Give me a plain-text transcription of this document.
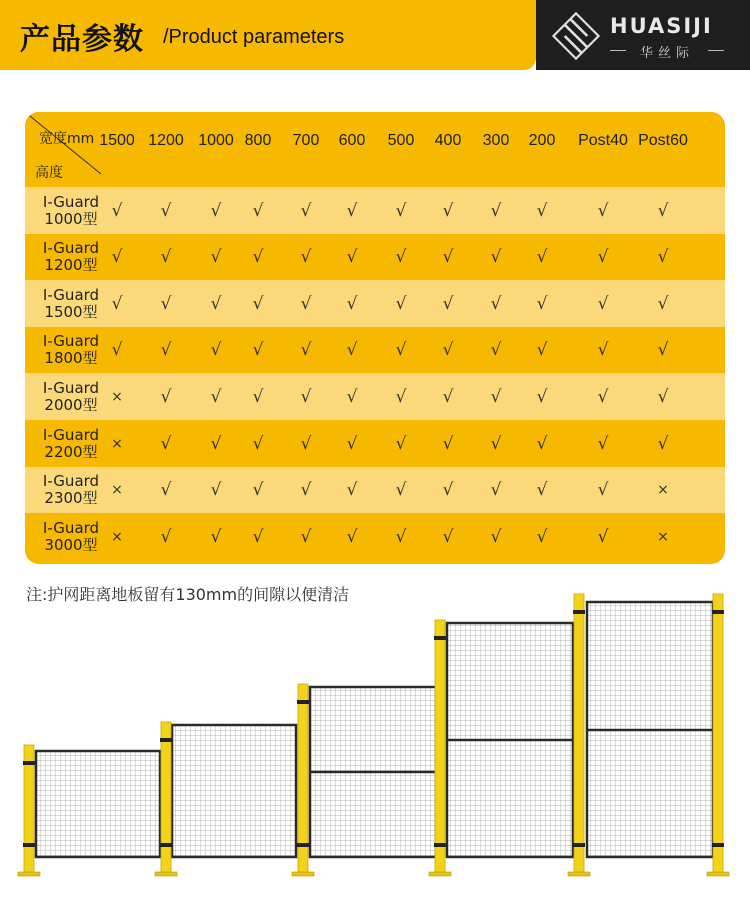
产品参数 /Product parameters	HUASIJI
华丝际
宽度mm
高度
1500 1200 1000 800	700	600 500 400 300 200	Post40 Post60
I-Guard
1000型 √	√	√	√	√	√	√	√	√	√	√	√
I-Guard
1200型 √	√	√	√	√	√	√	√	√	√	√	√
I-Guard
1500型 √	√	√	√	√	√	√	√	√	√	√	√
I-Guard
1800型 √	√	√	√	√	√	√	√	√	√	√	√
I-Guard
2000型 ×	√	√	√	√	√	√	√	√	√	√	√
I-Guard
2200型 ×	√	√	√	√	√	√	√	√	√	√	√
I-Guard
2300型 ×	√	√	√	√	√	√	√	√	√	√	×
I-Guard
3000型 ×	√	√	√	√	√	√	√	√	√	√	×
注:护网距离地板留有130mm的间隙以便清洁
